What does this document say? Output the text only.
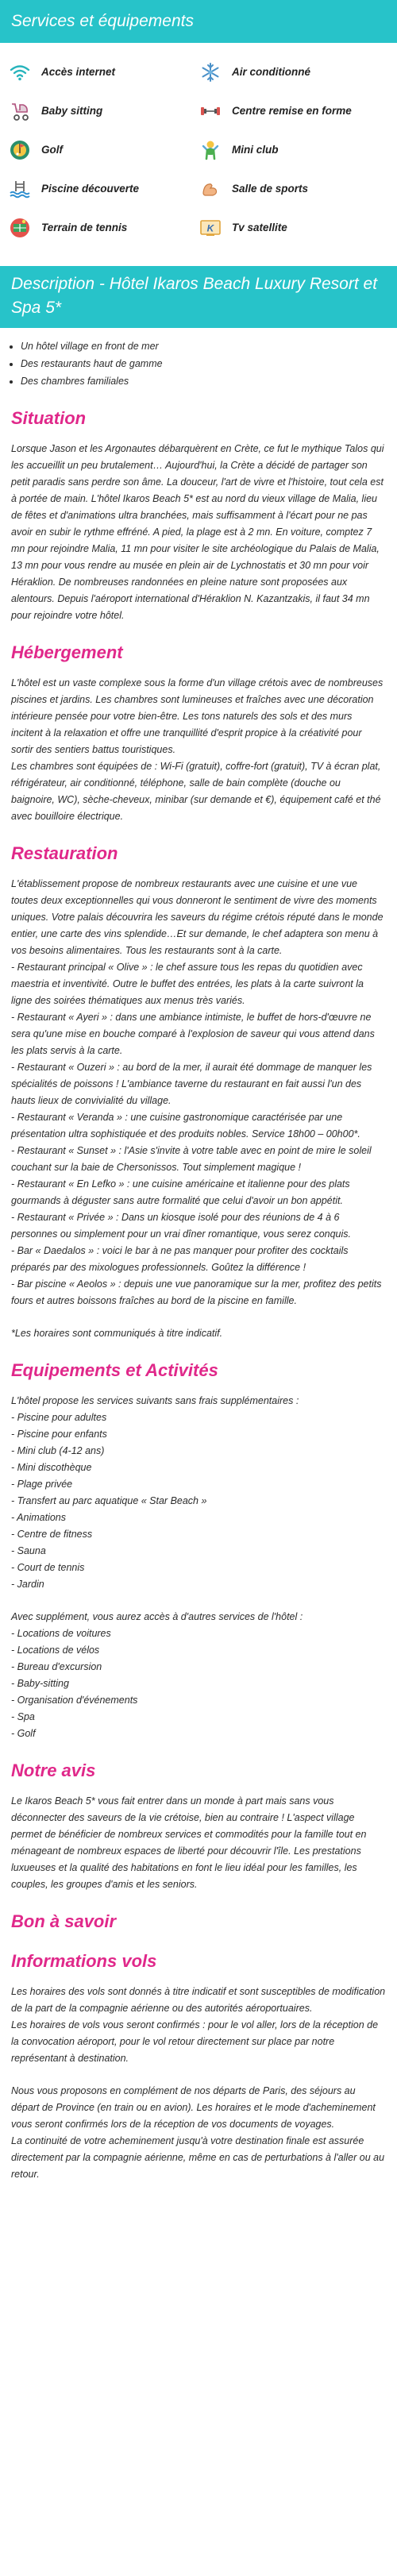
Services et équipements
Accès internet	Air conditionné
Baby sitting	Centre remise en forme
Golf	Mini club
Piscine découverte	Salle de sports
Terrain de tennis	K Tv satellite
Description - Hôtel Ikaros Beach Luxury Resort et Spa 5*
• Un hôtel village en front de mer
• Des restaurants haut de gamme
• Des chambres familiales
Situation

Lorsque Jason et les Argonautes débarquèrent en Crète, ce fut le mythique Talos qui les accueillit un peu brutalement… Aujourd'hui, la Crète a décidé de partager son petit paradis sans perdre son âme. La douceur, l'art de vivre et l'histoire, tout cela est à portée de main. L'hôtel Ikaros Beach 5* est au nord du vieux village de Malia, lieu de fêtes et d'animations ultra branchées, mais suffisamment à l'écart pour ne pas avoir en subir le rythme effréné. A pied, la plage est à 2 mn. En voiture, comptez 7 mn pour rejoindre Malia, 11 mn pour visiter le site archéologique du Palais de Malia, 13 mn pour vous rendre au musée en plein air de Lychnostatis et 30 mn pour voir Héraklion. De nombreuses randonnées en pleine nature sont proposées aux alentours. Depuis l'aéroport international d'Héraklion N. Kazantzakis, il faut 34 mn pour rejoindre votre hôtel.

Hébergement

L'hôtel est un vaste complexe sous la forme d'un village crétois avec de nombreuses piscines et jardins. Les chambres sont lumineuses et fraîches avec une décoration intérieure pensée pour votre bien-être. Les tons naturels des sols et des murs incitent à la relaxation et offre une tranquillité d'esprit propice à la créativité pour sortir des sentiers battus touristiques.

Les chambres sont équipées de : Wi-Fi (gratuit), coffre-fort (gratuit), TV à écran plat, réfrigérateur, air conditionné, téléphone, salle de bain complète (douche ou baignoire, WC), sèche-cheveux, minibar (sur demande et €), équipement café et thé avec bouilloire électrique.

Restauration

L'établissement propose de nombreux restaurants avec une cuisine et une vue toutes deux exceptionnelles qui vous donneront le sentiment de vivre des moments uniques. Votre palais découvrira les saveurs du régime crétois réputé dans le monde entier, une carte des vins splendide…Et sur demande, le chef adaptera son menu à vos besoins alimentaires. Tous les restaurants sont à la carte.

- Restaurant principal « Olive » : le chef assure tous les repas du quotidien avec maestria et inventivité. Outre le buffet des entrées, les plats à la carte suivront la ligne des soirées thématiques aux menus très variés.

- Restaurant « Ayeri » : dans une ambiance intimiste, le buffet de hors-d'œuvre ne sera qu'une mise en bouche comparé à l'explosion de saveur qui vous attend dans les plats servis à la carte.

- Restaurant « Ouzeri » : au bord de la mer, il aurait été dommage de manquer les spécialités de poissons ! L'ambiance taverne du restaurant en fait aussi l'un des hauts lieux de convivialité du village.

- Restaurant « Veranda » : une cuisine gastronomique caractérisée par une présentation ultra sophistiquée et des produits nobles. Service 18h00 – 00h00*.

- Restaurant « Sunset » : l'Asie s'invite à votre table avec en point de mire le soleil couchant sur la baie de Chersonissos. Tout simplement magique !

- Restaurant « En Lefko » : une cuisine américaine et italienne pour des plats gourmands à déguster sans autre formalité que celui d'avoir un bon appétit.

- Restaurant « Privée » : Dans un kiosque isolé pour des réunions de 4 à 6 personnes ou simplement pour un vrai dîner romantique, vous serez conquis.

- Bar « Daedalos » : voici le bar à ne pas manquer pour profiter des cocktails préparés par des mixologues professionnels. Goûtez la différence !

- Bar piscine « Aeolos » : depuis une vue panoramique sur la mer, profitez des petits fours et autres boissons fraîches au bord de la piscine en famille.

*Les horaires sont communiqués à titre indicatif.

Equipements et Activités

L'hôtel propose les services suivants sans frais supplémentaires :

- Piscine pour adultes
- Piscine pour enfants
- Mini club (4-12 ans)
- Mini discothèque
- Plage privée
- Transfert au parc aquatique « Star Beach »
- Animations
- Centre de fitness
- Sauna
- Court de tennis
- Jardin

Avec supplément, vous aurez accès à d'autres services de l'hôtel :

- Locations de voitures
- Locations de vélos
- Bureau d'excursion
- Baby-sitting
- Organisation d'événements
- Spa
- Golf
Notre avis

Le Ikaros Beach 5* vous fait entrer dans un monde à part mais sans vous déconnecter des saveurs de la vie crétoise, bien au contraire ! L'aspect village permet de bénéficier de nombreux services et commodités pour la famille tout en ménageant de nombreux espaces de liberté pour découvrir l'île. Les prestations luxueuses et la qualité des habitations en font le lieu idéal pour les familles, les couples, les groupes d'amis et les seniors.

Bon à savoir
Informations vols

Les horaires des vols sont donnés à titre indicatif et sont susceptibles de modification de la part de la compagnie aérienne ou des autorités aéroportuaires.

Les horaires de vols vous seront confirmés : pour le vol aller, lors de la réception de la convocation aéroport, pour le vol retour directement sur place par notre représentant à destination.

Nous vous proposons en complément de nos départs de Paris, des séjours au départ de Province (en train ou en avion). Les horaires et le mode d'acheminement vous seront confirmés lors de la réception de vos documents de voyages.

La continuité de votre acheminement jusqu'à votre destination finale est assurée directement par la compagnie aérienne, même en cas de perturbations à l'aller ou au retour.
